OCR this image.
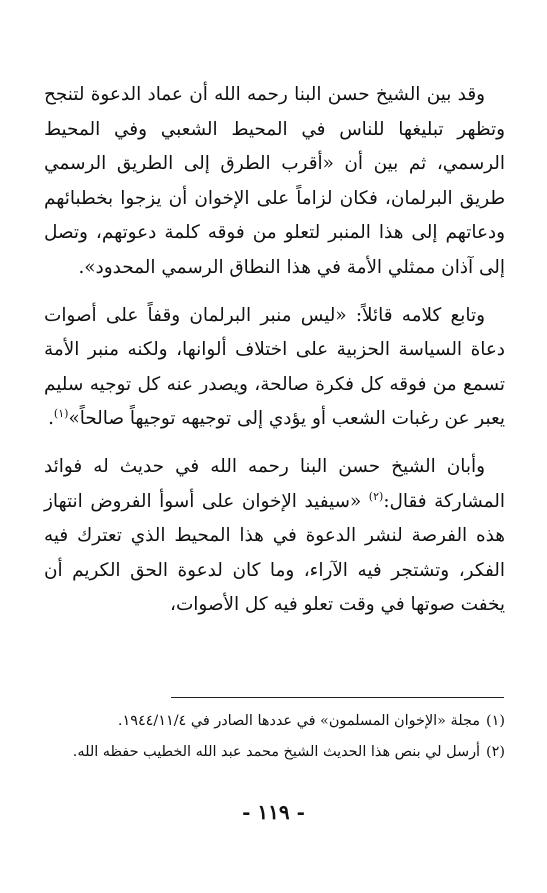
وقد بين الشيخ حسن البنا رحمه الله أن عماد الدعوة لتنجح وتظهر تبليغها للناس في المحيط الشعبي وفي المحيط الرسمي، ثم بين أن «أقرب الطرق إلى الطريق الرسمي طريق البرلمان، فكان لزاماً على الإخوان أن يزجوا بخطبائهم ودعاتهم إلى هذا المنبر لتعلو من فوقه كلمة دعوتهم، وتصل إلى آذان ممثلي الأمة في هذا النطاق الرسمي المحدود».

وتابع كلامه قائلاً: «ليس منبر البرلمان وقفاً على أصوات دعاة السياسة الحزبية على اختلاف ألوانها، ولكنه منبر الأمة تسمع من فوقه كل فكرة صالحة، ويصدر عنه كل توجيه سليم يعبر عن رغبات الشعب أو يؤدي إلى توجيهه توجيهاً صالحاً»$^{(١)}$.

وأبان الشيخ حسن البنا رحمه الله في حديث له فوائد المشاركة فقال:$^{(٢)}$ «سيفيد الإخوان على أسوأ الفروض انتهاز هذه الفرصة لنشر الدعوة في هذا المحيط الذي تعترك فيه الفكر، وتشتجر فيه الآراء، وما كان لدعوة الحق الكريم أن يخفت صوتها في وقت تعلو فيه كل الأصوات،

(١)مجلة «الإخوان المسلمون» في عددها الصادر في ١٩٤٤/١١/٤.

(٢)أرسل لي بنص هذا الحديث الشيخ محمد عبد الله الخطيب حفظه الله.

- ١١٩ -
